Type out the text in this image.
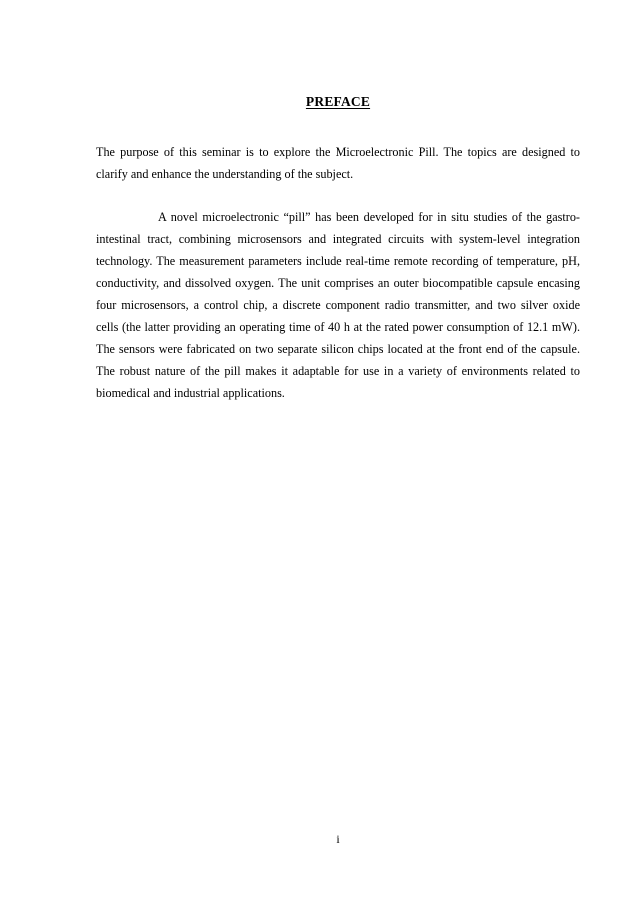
PREFACE

The purpose of this seminar is to explore the Microelectronic Pill. The topics are designed to clarify and enhance the understanding of the subject.

A novel microelectronic “pill” has been developed for in situ studies of the gastro-intestinal tract, combining microsensors and integrated circuits with system-level integration technology. The measurement parameters include real-time remote recording of temperature, pH, conductivity, and dissolved oxygen. The unit comprises an outer biocompatible capsule encasing four microsensors, a control chip, a discrete component radio transmitter, and two silver oxide cells (the latter providing an operating time of 40 h at the rated power consumption of 12.1 mW). The sensors were fabricated on two separate silicon chips located at the front end of the capsule. The robust nature of the pill makes it adaptable for use in a variety of environments related to biomedical and industrial applications.

i
